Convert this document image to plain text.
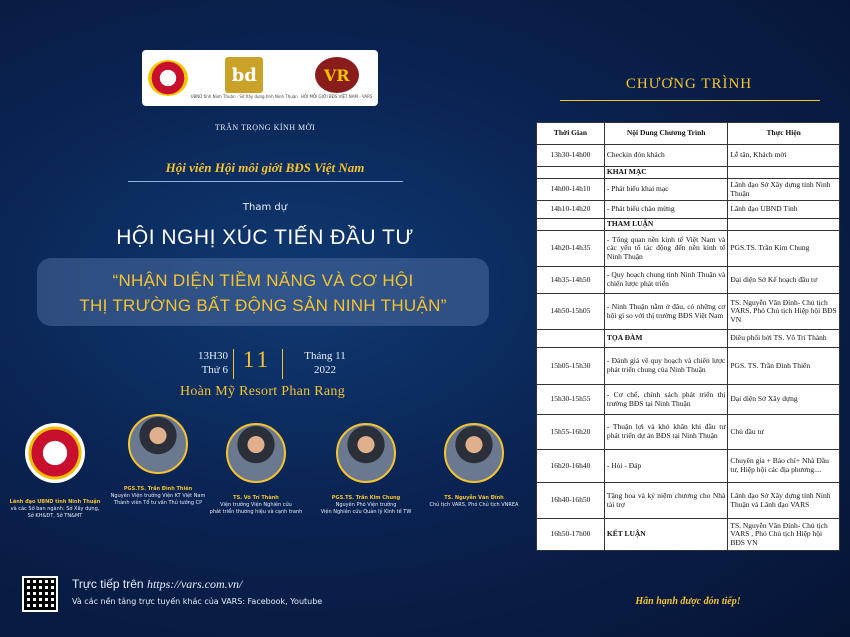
bd
UBND tỉnh Ninh Thuận · Sở Xây dựng tỉnh Ninh Thuận
VR
HỘI MÔI GIỚI BĐS VIỆT NAM - VARS
TRÂN TRỌNG KÍNH MỜI
Hội viên Hội môi giới BĐS Việt Nam
Tham dự
HỘI NGHỊ XÚC TIẾN ĐẦU TƯ
“NHẬN DIỆN TIỀM NĂNG VÀ CƠ HỘI
THỊ TRƯỜNG BẤT ĐỘNG SẢN NINH THUẬN”
13H30
Thứ 6 11	Tháng 11
2022
Hoàn Mỹ Resort Phan Rang
Lãnh đạo UBND tỉnh Ninh Thuận
và các Sở ban ngành: Sở Xây dựng,
Sở KH&ĐT, Sở TN&MT
PGS.TS. Trần Đình Thiên
Nguyên Viện trưởng Viện KT Việt Nam
Thành viên Tổ tư vấn Thủ tướng CP
TS. Võ Trí Thành
Viện trưởng Viện Nghiên cứu
phát triển thương hiệu và cạnh tranh
PGS.TS. Trần Kim Chung
Nguyên Phó Viện trưởng
Viện Nghiên cứu Quản lý Kinh tế TW
TS. Nguyễn Văn Đính
Chủ tịch VARS, Phó Chủ tịch VNREA
Trực tiếp trên https://vars.com.vn/
Và các nền tảng trực tuyến khác của VARS: Facebook, Youtube
CHƯƠNG TRÌNH
Thời Gian	Nội Dung Chương Trình	Thực Hiện
13h30-14h00	Checkin đón khách	Lễ tân, Khách mời
	KHAI MẠC	
14h00-14h10	- Phát biểu khai mạc	Lãnh đạo Sở Xây dựng tỉnh Ninh Thuận
14h10-14h20	- Phát biểu chào mừng	Lãnh đạo UBND Tỉnh
	THAM LUẬN	
14h20-14h35	- Tổng quan nền kinh tế Việt Nam và các yếu tố tác động đến nền kinh tế Ninh Thuận	PGS.TS. Trần Kim Chung
14h35-14h50	- Quy hoạch chung tỉnh Ninh Thuận và chiến lược phát triển	Đại diện Sở Kế hoạch đầu tư
14h50-15h05	- Ninh Thuận nằm ở đâu, có những cơ hội gì so với thị trường BĐS Việt Nam	TS. Nguyễn Văn Đính- Chủ tịch VARS, Phó Chủ tịch Hiệp hội BĐS VN
	TỌA ĐÀM	Điều phối bởi TS. Võ Trí Thành
15h05-15h30	- Đánh giá về quy hoạch và chiến lược phát triển chung của Ninh Thuận	PGS. TS. Trần Đình Thiên
15h30-15h55	- Cơ chế, chính sách phát triển thị trường BĐS tại Ninh Thuận	Đại diện Sở Xây dựng
15h55-16h20	- Thuận lợi và khó khăn khi đầu tư phát triển dự án BĐS tại Ninh Thuận	Chủ đầu tư
16h20-16h40	- Hỏi - Đáp	Chuyên gia + Báo chí+ Nhà Đầu tư, Hiệp hội các địa phương....
16h40-16h50	Tặng hoa và kỷ niệm chương cho Nhà tài trợ	Lãnh đạo Sở Xây dựng tỉnh Ninh Thuận và Lãnh đạo VARS
16h50-17h00	KẾT LUẬN	TS. Nguyễn Văn Đính- Chủ tịch VARS , Phó Chủ tịch Hiệp hội BĐS VN
Hân hạnh được đón tiếp!
